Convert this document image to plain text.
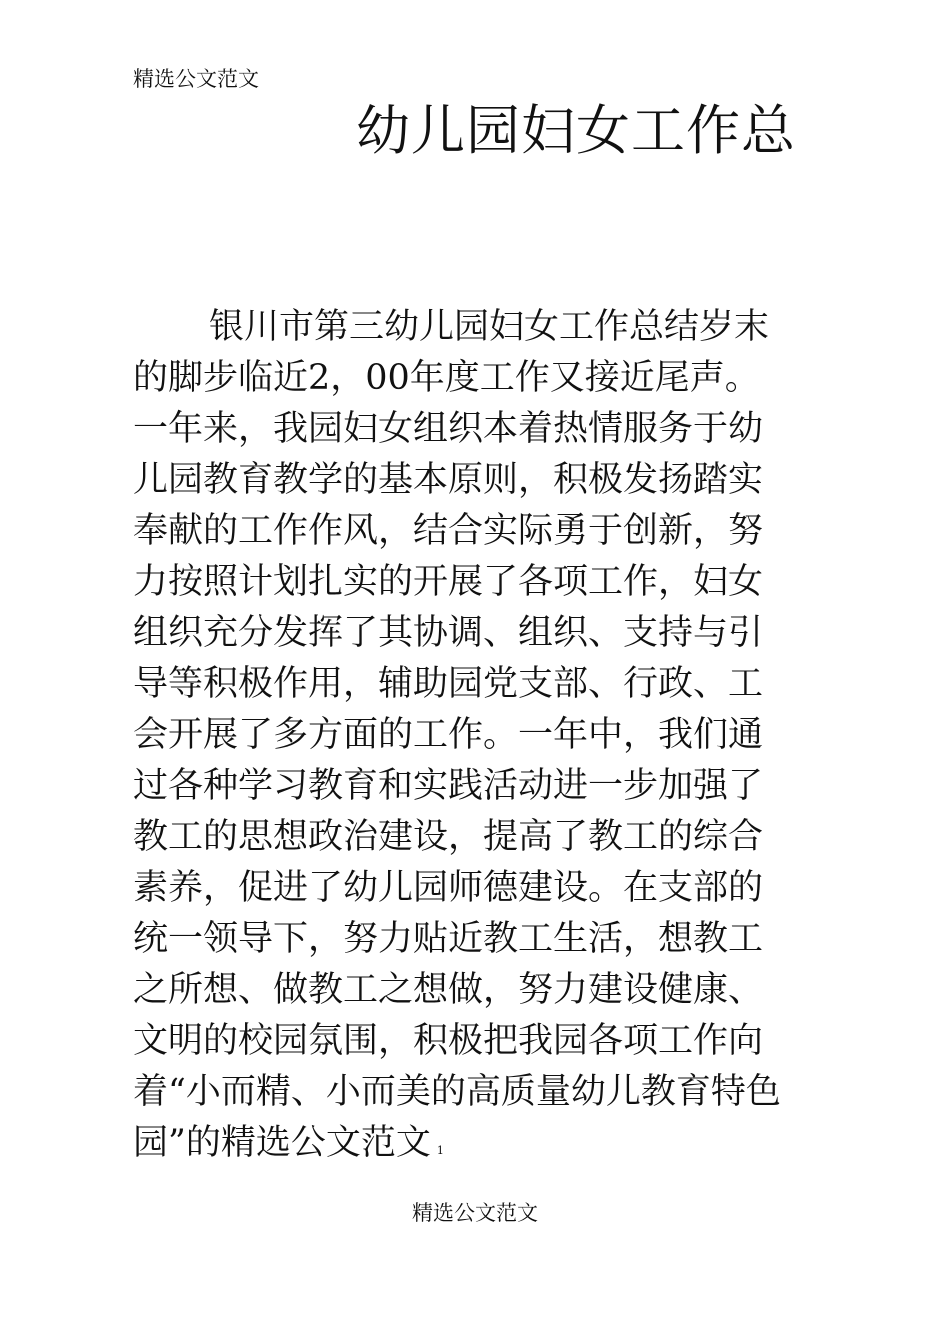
精选公文范文
幼儿园妇女工作总
银川市第三幼儿园妇女工作总结岁末
的脚步临近2，00年度工作又接近尾声。
一年来，我园妇女组织本着热情服务于幼
儿园教育教学的基本原则，积极发扬踏实
奉献的工作作风，结合实际勇于创新，努
力按照计划扎实的开展了各项工作，妇女
组织充分发挥了其协调、组织、支持与引
导等积极作用，辅助园党支部、行政、工
会开展了多方面的工作。一年中，我们通
过各种学习教育和实践活动进一步加强了
教工的思想政治建设，提高了教工的综合
素养，促进了幼儿园师德建设。在支部的
统一领导下，努力贴近教工生活，想教工
之所想、做教工之想做，努力建设健康、
文明的校园氛围，积极把我园各项工作向
着“小而精、小而美的高质量幼儿教育特色
园”的精选公文范文 1
精选公文范文
